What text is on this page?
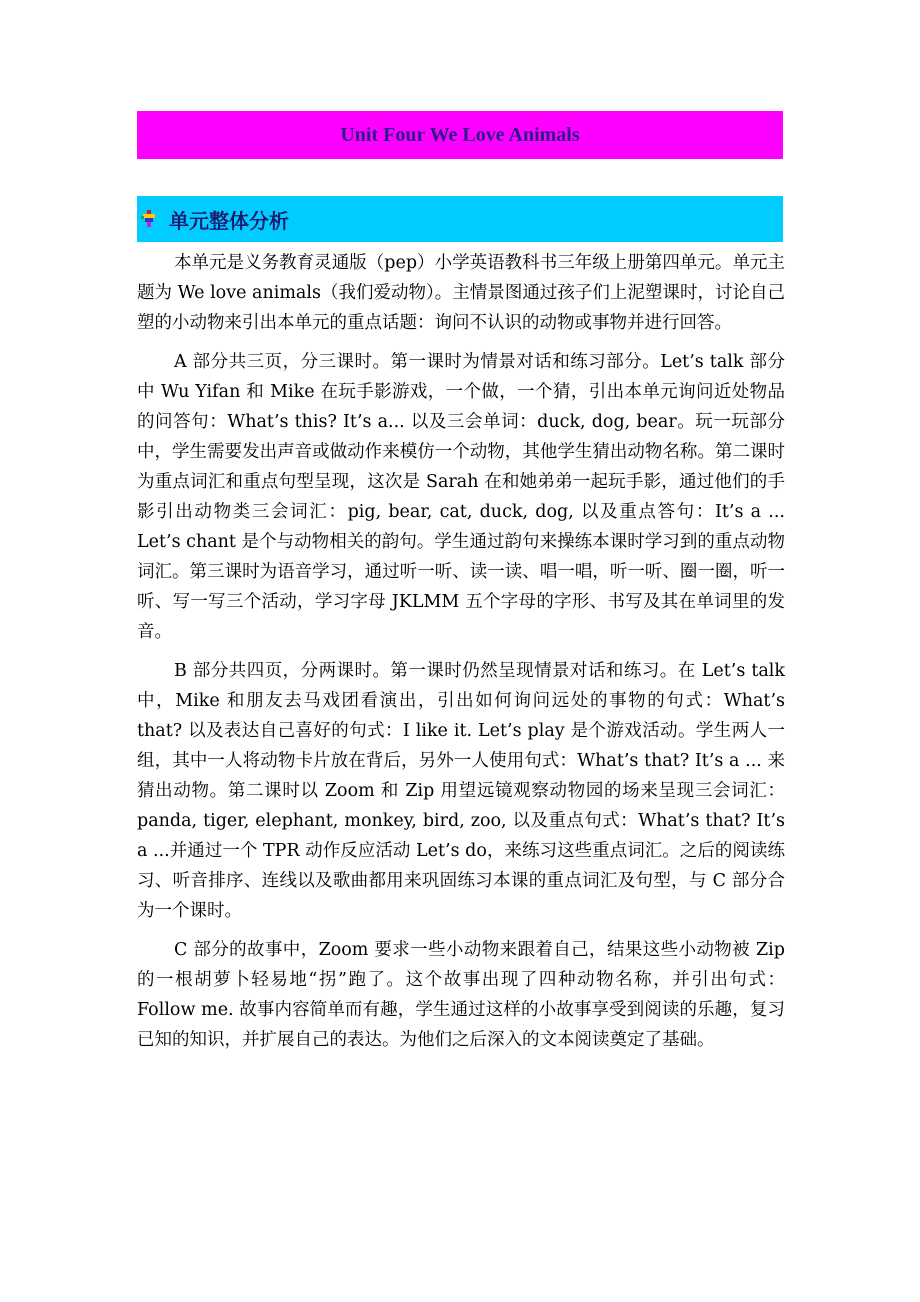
Unit Four We Love Animals
单元整体分析

本单元是义务教育灵通版（pep）小学英语教科书三年级上册第四单元。单元主题为 We love animals（我们爱动物）。主情景图通过孩子们上泥塑课时，讨论自己塑的小动物来引出本单元的重点话题：询问不认识的动物或事物并进行回答。

A 部分共三页，分三课时。第一课时为情景对话和练习部分。Let’s talk 部分中 Wu Yifan 和 Mike 在玩手影游戏，一个做，一个猜，引出本单元询问近处物品的问答句：What’s this? It’s a... 以及三会单词：duck, dog, bear。玩一玩部分中，学生需要发出声音或做动作来模仿一个动物，其他学生猜出动物名称。第二课时为重点词汇和重点句型呈现，这次是 Sarah 在和她弟弟一起玩手影，通过他们的手影引出动物类三会词汇：pig, bear, cat, duck, dog, 以及重点答句：It’s a ... Let’s chant 是个与动物相关的韵句。学生通过韵句来操练本课时学习到的重点动物词汇。第三课时为语音学习，通过听一听、读一读、唱一唱，听一听、圈一圈，听一听、写一写三个活动，学习字母 JKLMM 五个字母的字形、书写及其在单词里的发音。

B 部分共四页，分两课时。第一课时仍然呈现情景对话和练习。在 Let’s talk 中，Mike 和朋友去马戏团看演出，引出如何询问远处的事物的句式：What’s that? 以及表达自己喜好的句式：I like it. Let’s play 是个游戏活动。学生两人一组，其中一人将动物卡片放在背后，另外一人使用句式：What’s that? It’s a ... 来猜出动物。第二课时以 Zoom 和 Zip 用望远镜观察动物园的场来呈现三会词汇：panda, tiger, elephant, monkey, bird, zoo, 以及重点句式：What’s that? It’s a ...并通过一个 TPR 动作反应活动 Let’s do，来练习这些重点词汇。之后的阅读练习、听音排序、连线以及歌曲都用来巩固练习本课的重点词汇及句型，与 C 部分合为一个课时。

C 部分的故事中，Zoom 要求一些小动物来跟着自己，结果这些小动物被 Zip 的一根胡萝卜轻易地“拐”跑了。这个故事出现了四种动物名称，并引出句式：Follow me. 故事内容简单而有趣，学生通过这样的小故事享受到阅读的乐趣，复习已知的知识，并扩展自己的表达。为他们之后深入的文本阅读奠定了基础。
